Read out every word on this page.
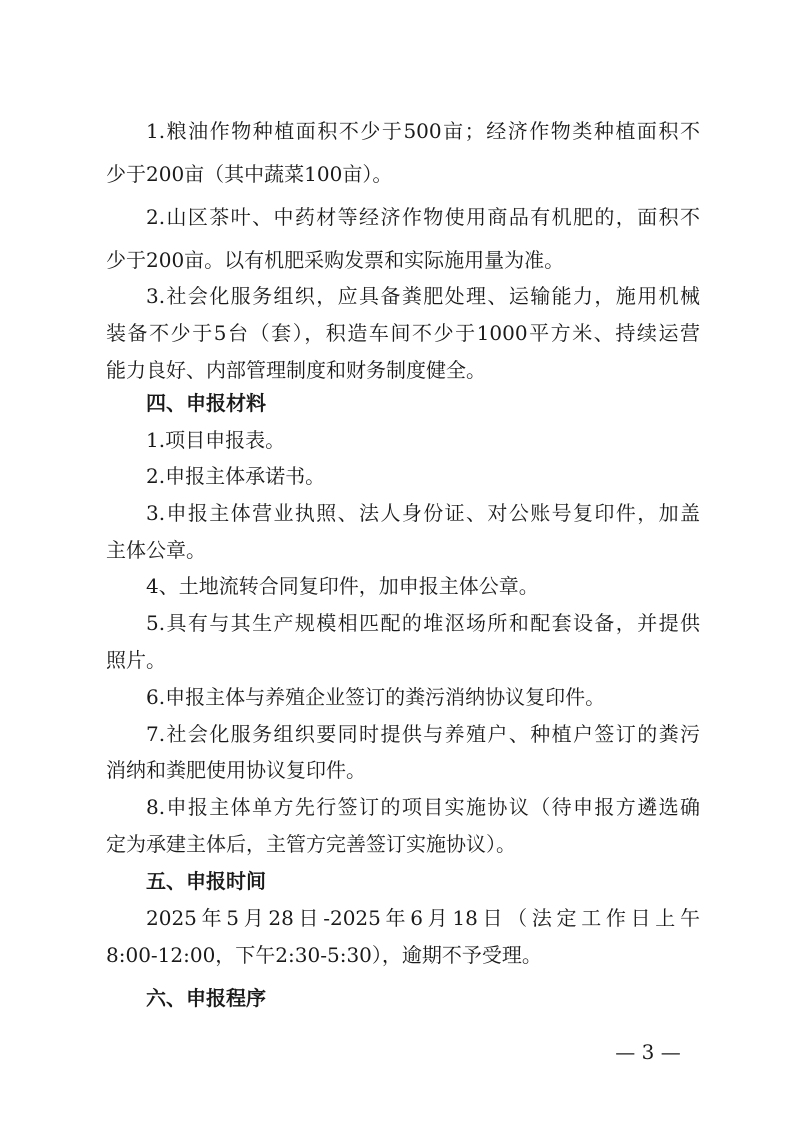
1.粮油作物种植面积不少于500亩；经济作物类种植面积不
少于200亩（其中蔬菜100亩）。
2.山区茶叶、中药材等经济作物使用商品有机肥的，面积不
少于200亩。以有机肥采购发票和实际施用量为准。
3.社会化服务组织，应具备粪肥处理、运输能力，施用机械
装备不少于5台（套），积造车间不少于1000平方米、持续运营
能力良好、内部管理制度和财务制度健全。
四、申报材料
1.项目申报表。
2.申报主体承诺书。
3.申报主体营业执照、法人身份证、对公账号复印件，加盖
主体公章。
4、土地流转合同复印件，加申报主体公章。
5.具有与其生产规模相匹配的堆沤场所和配套设备，并提供
照片。
6.申报主体与养殖企业签订的粪污消纳协议复印件。
7.社会化服务组织要同时提供与养殖户、种植户签订的粪污
消纳和粪肥使用协议复印件。
8.申报主体单方先行签订的项目实施协议（待申报方遴选确
定为承建主体后，主管方完善签订实施协议）。
五、申报时间
2025年5月28日-2025年6月18日（法定工作日上午
8:00-12:00，下午2:30-5:30），逾期不予受理。
六、申报程序
— 3 —
